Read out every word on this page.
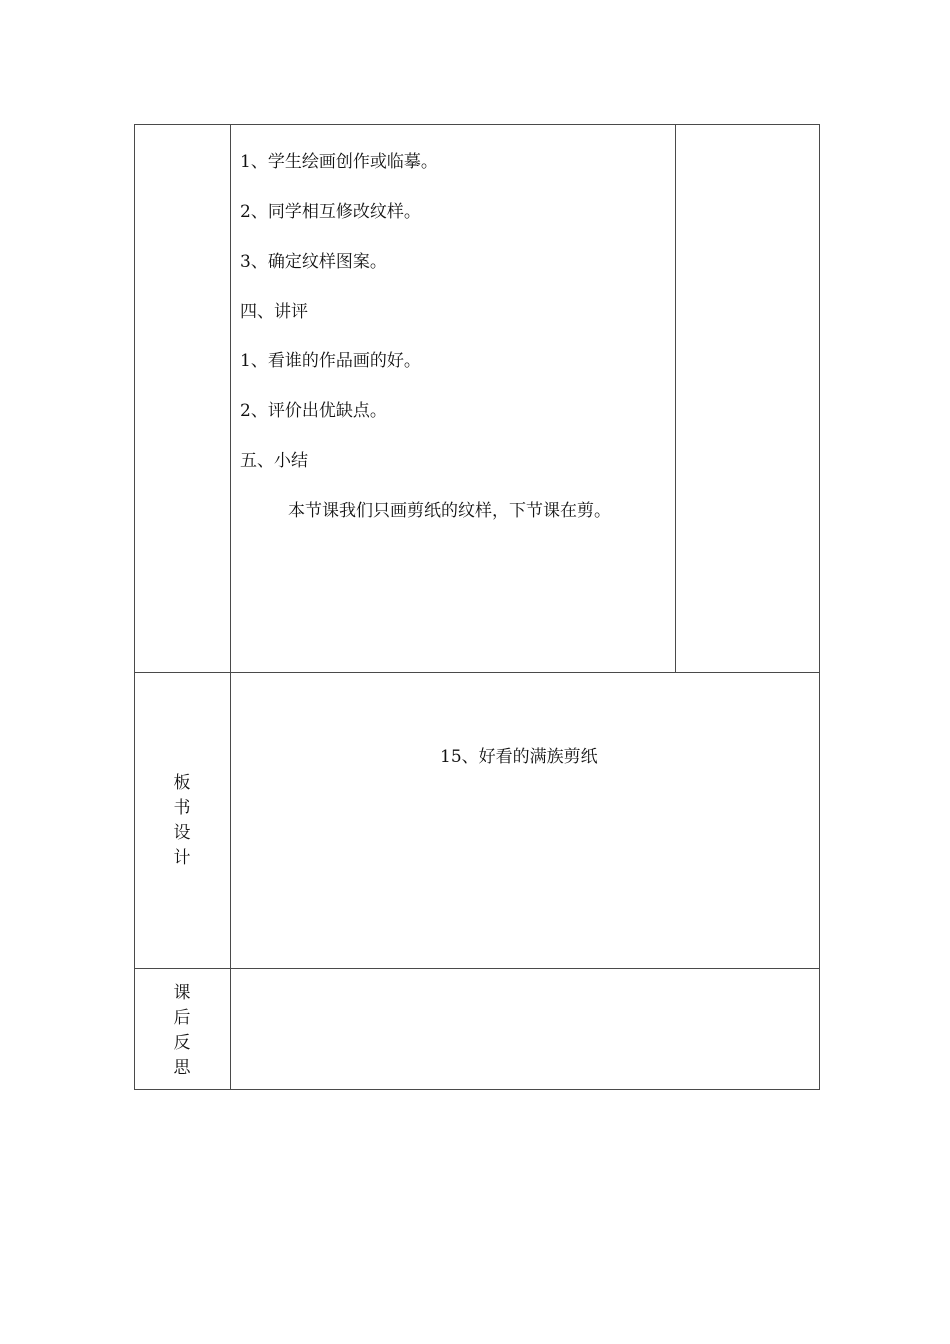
1、学生绘画创作或临摹。
2、同学相互修改纹样。
3、确定纹样图案。
四、讲评
1、看谁的作品画的好。
2、评价出优缺点。
五、小结
本节课我们只画剪纸的纹样，下节课在剪。
板
书
设
计
15、好看的满族剪纸
课
后
反
思
